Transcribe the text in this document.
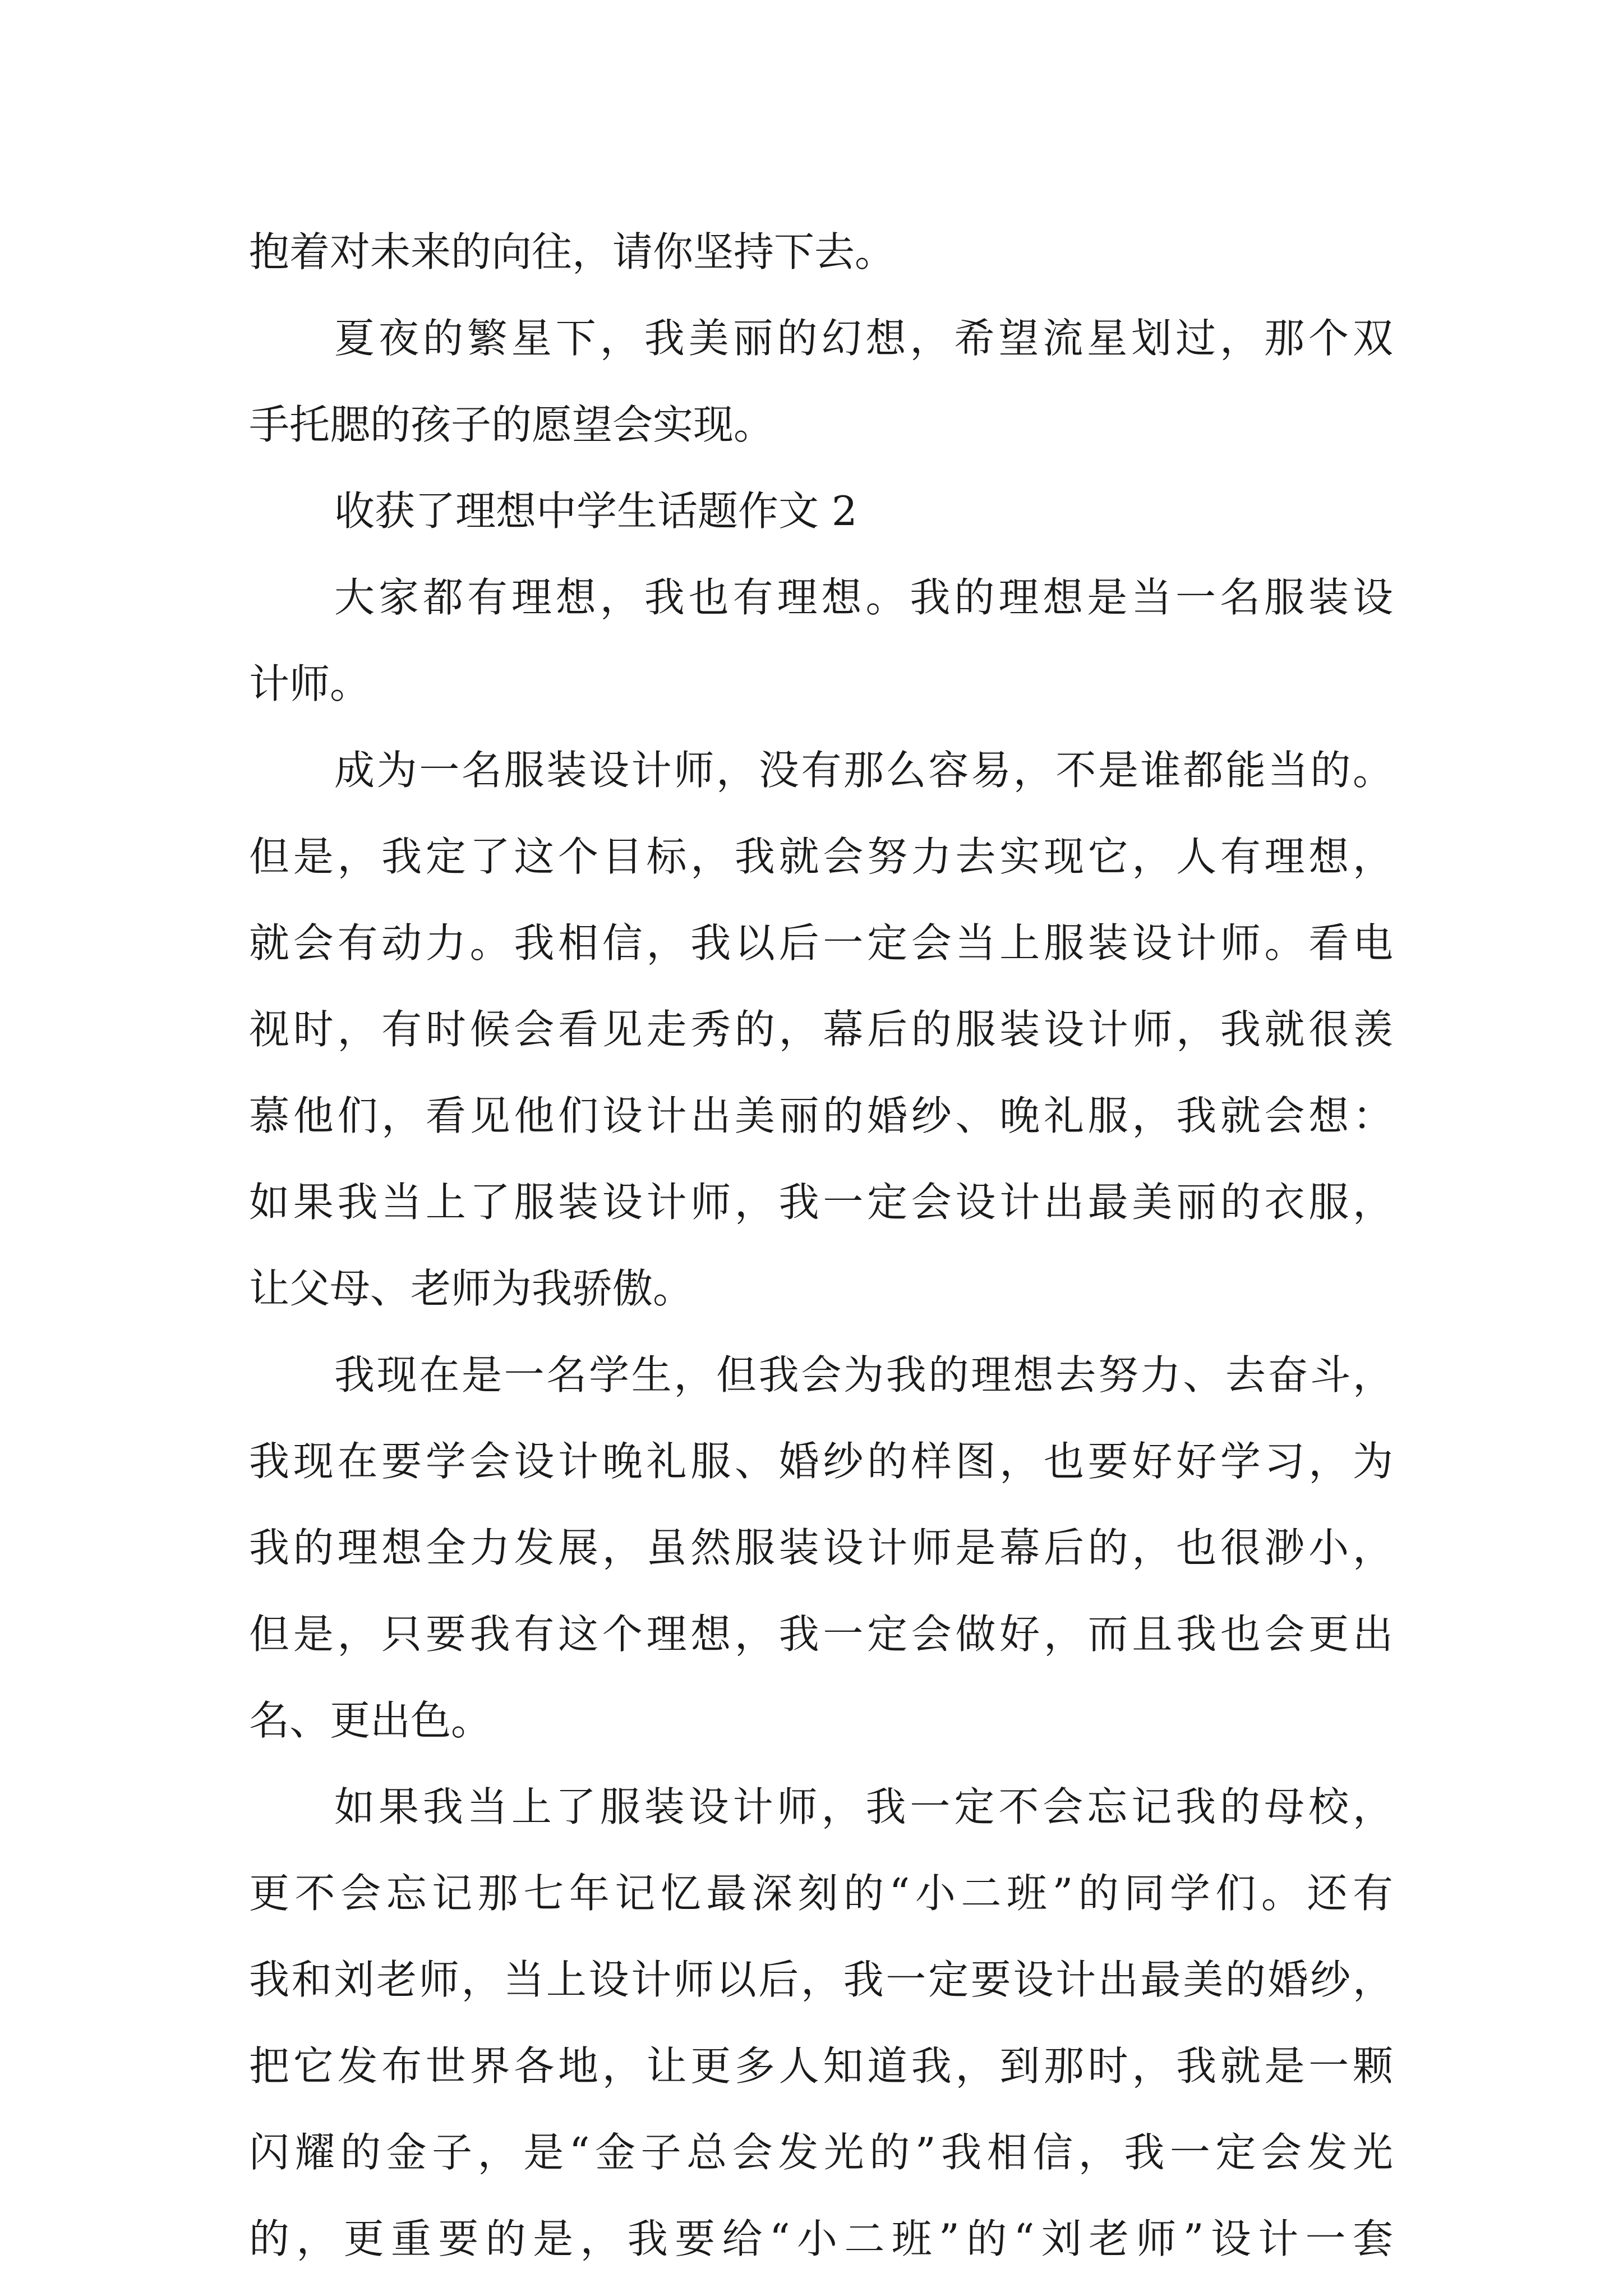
抱着对未来的向往，请你坚持下去。
夏夜的繁星下，我美丽的幻想，希望流星划过，那个双
手托腮的孩子的愿望会实现。
收获了理想中学生话题作文 2
大家都有理想，我也有理想。我的理想是当一名服装设
计师。
成为一名服装设计师，没有那么容易，不是谁都能当的。
但是，我定了这个目标，我就会努力去实现它，人有理想，
就会有动力。我相信，我以后一定会当上服装设计师。看电
视时，有时候会看见走秀的，幕后的服装设计师，我就很羡
慕他们，看见他们设计出美丽的婚纱、晚礼服，我就会想：
如果我当上了服装设计师，我一定会设计出最美丽的衣服，
让父母、老师为我骄傲。
我现在是一名学生，但我会为我的理想去努力、去奋斗，
我现在要学会设计晚礼服、婚纱的样图，也要好好学习，为
我的理想全力发展，虽然服装设计师是幕后的，也很渺小，
但是，只要我有这个理想，我一定会做好，而且我也会更出
名、更出色。
如果我当上了服装设计师，我一定不会忘记我的母校，
更不会忘记那七年记忆最深刻的“小二班”的同学们。还有
我和刘老师，当上设计师以后，我一定要设计出最美的婚纱，
把它发布世界各地，让更多人知道我，到那时，我就是一颗
闪耀的金子，是“金子总会发光的”我相信，我一定会发光
的，更重要的是，我要给“小二班”的“刘老师”设计一套
